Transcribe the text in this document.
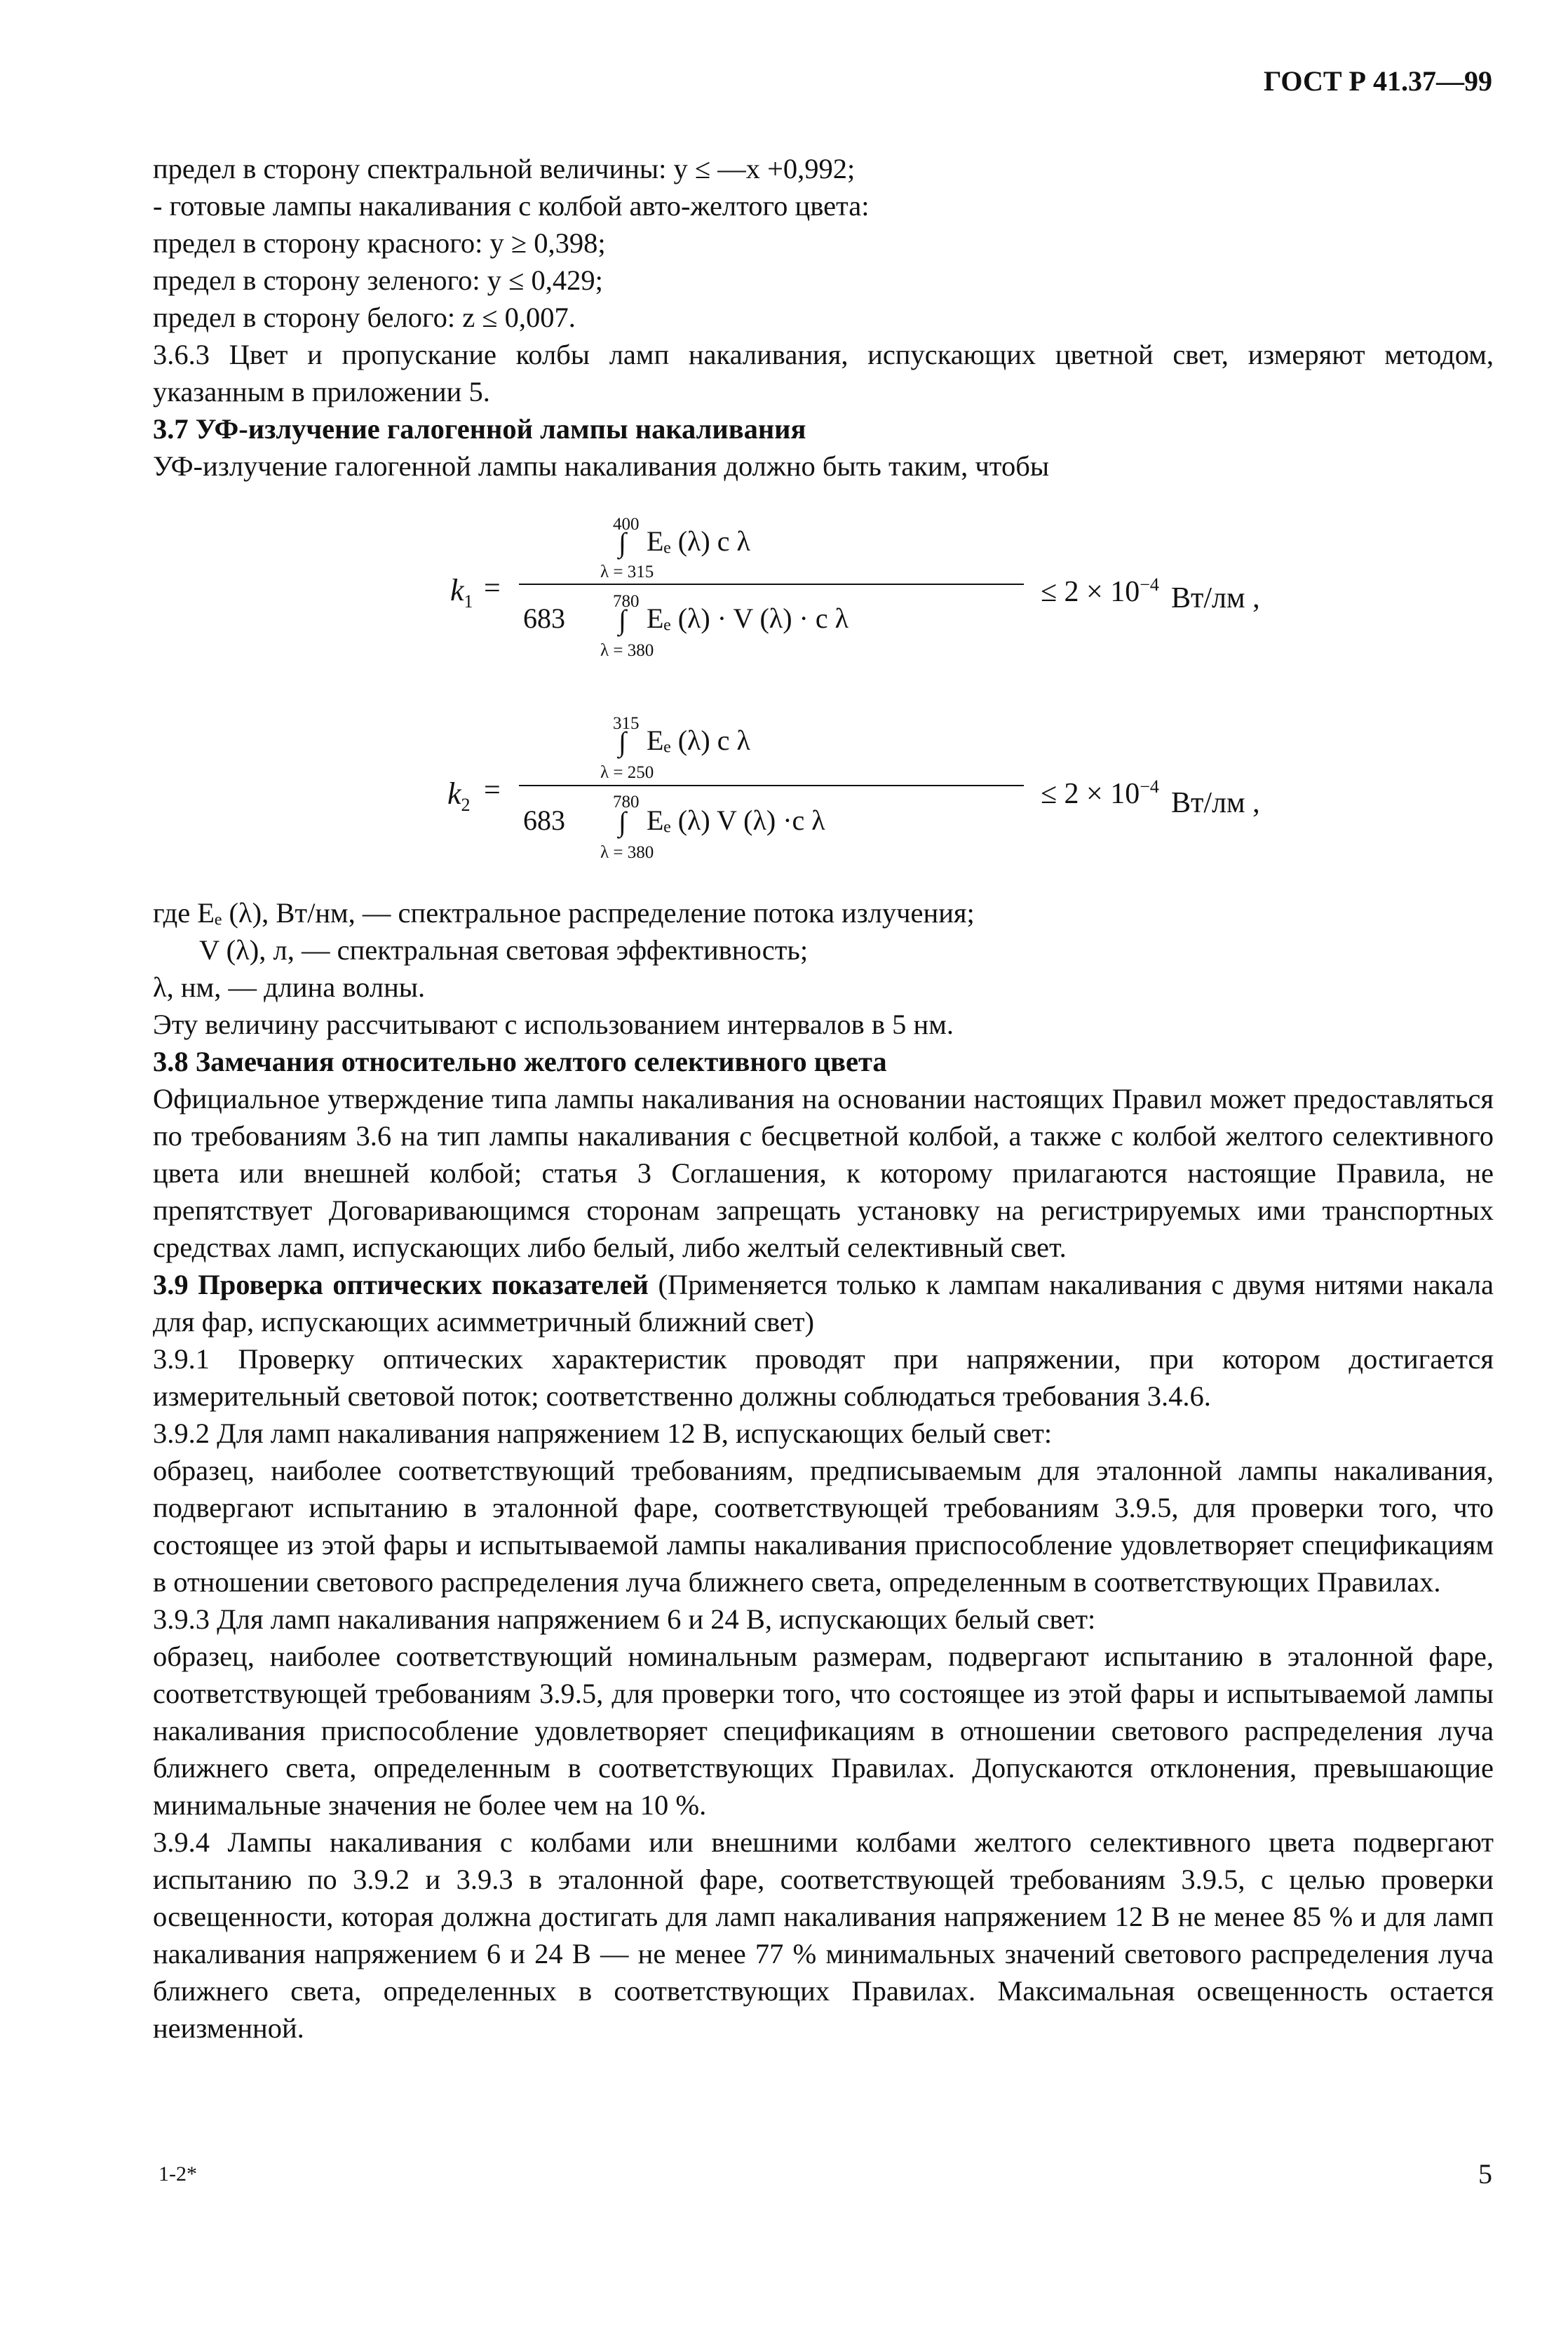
ГОСТ Р 41.37—99

предел в сторону спектральной величины: y ≤ —x +0,992;

- готовые лампы накаливания с колбой авто-желтого цвета:

предел в сторону красного: y ≥ 0,398;

предел в сторону зеленого: y ≤ 0,429;

предел в сторону белого: z ≤ 0,007.

3.6.3 Цвет и пропускание колбы ламп накаливания, испускающих цветной свет, измеряют методом, указанным в приложении 5.

3.7 УФ-излучение галогенной лампы накаливания

УФ-излучение галогенной лампы накаливания должно быть таким, чтобы

$k_1$ =
400
∫ Eₑ (λ) c λ
λ = 315
780
683 ∫ Eₑ (λ) · V (λ) · c λ
λ = 380
≤ $2 \times 10^{-4}$ Вт/лм ,
$k_2$ =
315
∫ Eₑ (λ) c λ
λ = 250
780
683 ∫ Eₑ (λ) V (λ) ·c λ
λ = 380
≤ $2 \times 10^{-4}$
Вт/лм ,

где Eₑ (λ), Вт/нм, — спектральное распределение потока излучения;

V (λ), л, — спектральная световая эффективность;

λ, нм, — длина волны.

Эту величину рассчитывают с использованием интервалов в 5 нм.

3.8 Замечания относительно желтого селективного цвета

Официальное утверждение типа лампы накаливания на основании настоящих Правил может предоставляться по требованиям 3.6 на тип лампы накаливания с бесцветной колбой, а также с колбой желтого селективного цвета или внешней колбой; статья 3 Соглашения, к которому прилагаются настоящие Правила, не препятствует Договаривающимся сторонам запрещать установку на регистрируемых ими транспортных средствах ламп, испускающих либо белый, либо желтый селективный свет.

3.9 Проверка оптических показателей (Применяется только к лампам накаливания с двумя нитями накала для фар, испускающих асимметричный ближний свет)

3.9.1 Проверку оптических характеристик проводят при напряжении, при котором достигается измерительный световой поток; соответственно должны соблюдаться требования 3.4.6.

3.9.2 Для ламп накаливания напряжением 12 В, испускающих белый свет:

образец, наиболее соответствующий требованиям, предписываемым для эталонной лампы накаливания, подвергают испытанию в эталонной фаре, соответствующей требованиям 3.9.5, для проверки того, что состоящее из этой фары и испытываемой лампы накаливания приспособление удовлетворяет спецификациям в отношении светового распределения луча ближнего света, определенным в соответствующих Правилах.

3.9.3 Для ламп накаливания напряжением 6 и 24 В, испускающих белый свет:

образец, наиболее соответствующий номинальным размерам, подвергают испытанию в эталонной фаре, соответствующей требованиям 3.9.5, для проверки того, что состоящее из этой фары и испытываемой лампы накаливания приспособление удовлетворяет спецификациям в отношении светового распределения луча ближнего света, определенным в соответствующих Правилах. Допускаются отклонения, превышающие минимальные значения не более чем на 10 %.

3.9.4 Лампы накаливания с колбами или внешними колбами желтого селективного цвета подвергают испытанию по 3.9.2 и 3.9.3 в эталонной фаре, соответствующей требованиям 3.9.5, с целью проверки освещенности, которая должна достигать для ламп накаливания напряжением 12 В не менее 85 % и для ламп накаливания напряжением 6 и 24 В — не менее 77 % минимальных значений светового распределения луча ближнего света, определенных в соответствующих Правилах. Максимальная освещенность остается неизменной.

1-2*	5
